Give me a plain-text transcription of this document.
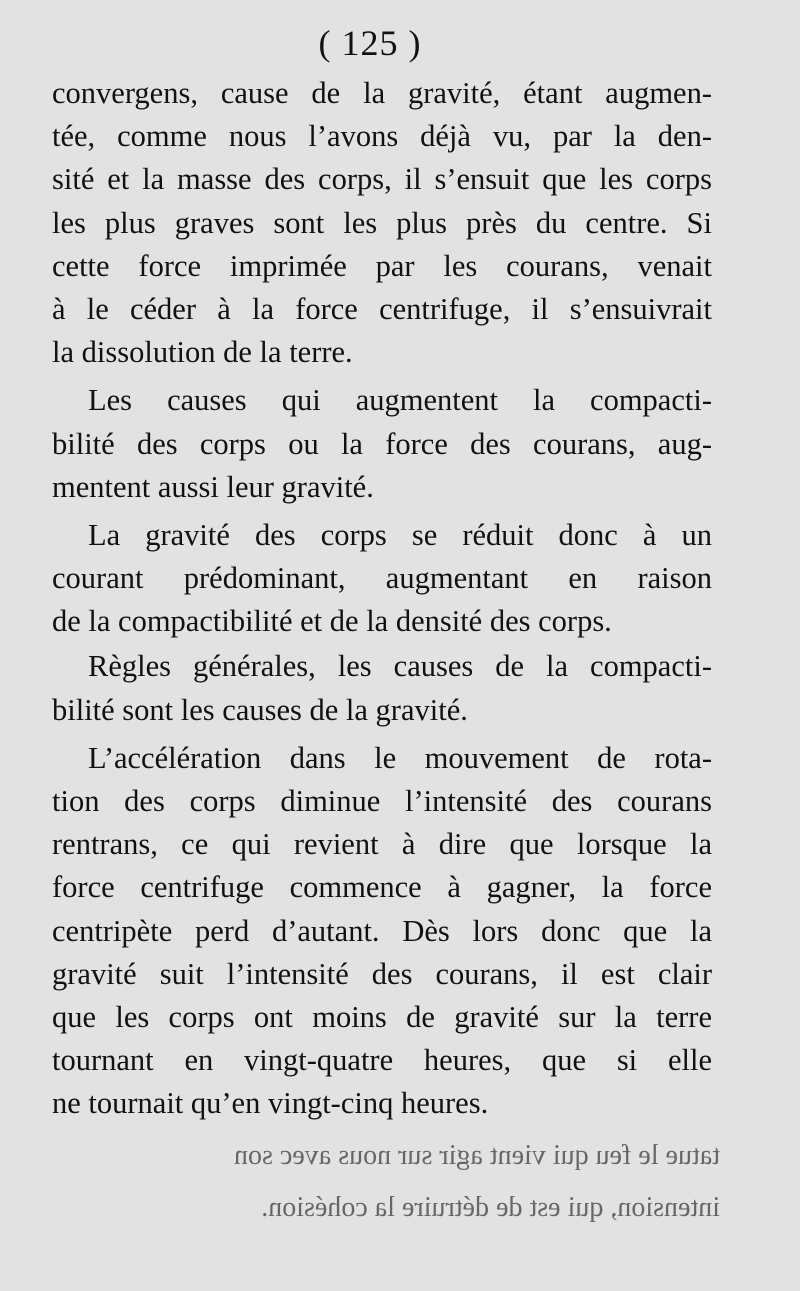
( 125 )
convergens, cause de la gravité, étant augmen-
tée, comme nous l’avons déjà vu, par la den-
sité et la masse des corps, il s’ensuit que les corps
les plus graves sont les plus près du centre. Si
cette force imprimée par les courans, venait
à le céder à la force centrifuge, il s’ensuivrait
la dissolution de la terre.
Les causes qui augmentent la compacti-
bilité des corps ou la force des courans, aug-
mentent aussi leur gravité.
La gravité des corps se réduit donc à un
courant prédominant, augmentant en raison
de la compactibilité et de la densité des corps.
Règles générales, les causes de la compacti-
bilité sont les causes de la gravité.
L’accélération dans le mouvement de rota-
tion des corps diminue l’intensité des courans
rentrans, ce qui revient à dire que lorsque la
force centrifuge commence à gagner, la force
centripète perd d’autant. Dès lors donc que la
gravité suit l’intensité des courans, il est clair
que les corps ont moins de gravité sur la terre
tournant en vingt-quatre heures, que si elle
ne tournait qu’en vingt-cinq heures.
tatue le feu qui vient agir sur nous avec son
intension, qui est de détruire la cohésion.
